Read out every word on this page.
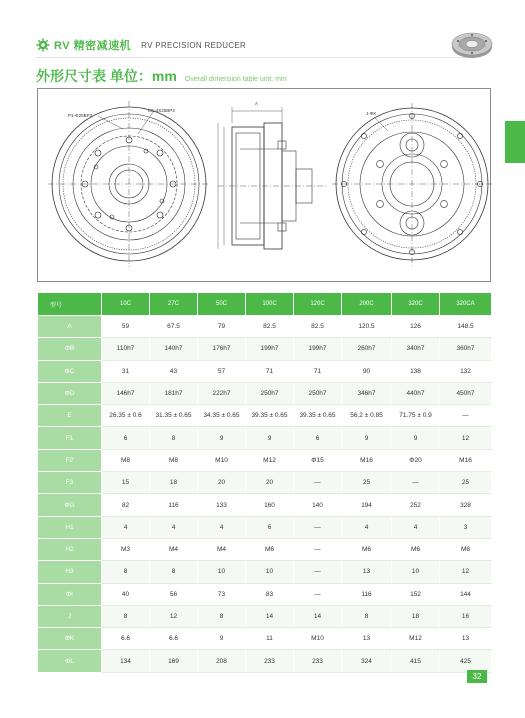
RV 精密减速机 RV PRECISION REDUCER
外形尺寸表 单位：mm Overall dimension table unit: mm
P1-Φ25BP3
M1-4X25BP3
A
J-ΦK
型号	10C	27C	50C	100C	120C	200C	320C	320CA
A	59	67.5	79	82.5	82.5	120.5	126	148.5
ΦB	110h7	140h7	176h7	199h7	199h7	260h7	340h7	360h7
ΦC	31	43	57	71	71	90	138	132
ΦD	146h7	181h7	222h7	250h7	250h7	346h7	440h7	450h7
E	26.35 ± 0.6	31.35 ± 0.65	34.35 ± 0.65	39.35 ± 0.65	39.35 ± 0.65	56.2 ± 0.85	71.75 ± 0.9	—
F1	6	8	9	9	6	9	9	12
F2	M8	M8	M10	M12	Φ15	M16	Φ20	M16
F3	15	18	20	20	—	25	—	25
ΦG	82	116	133	160	140	194	252	328
H1	4	4	4	6	—	4	4	3
H2	M3	M4	M4	M6	—	M6	M6	M6
H3	8	8	10	10	—	13	10	12
ΦI	40	56	73	83	—	116	152	144
J	8	12	8	14	14	8	18	16
ΦK	6.6	6.6	9	11	M10	13	M12	13
ΦL	134	169	208	233	233	324	415	425
32
